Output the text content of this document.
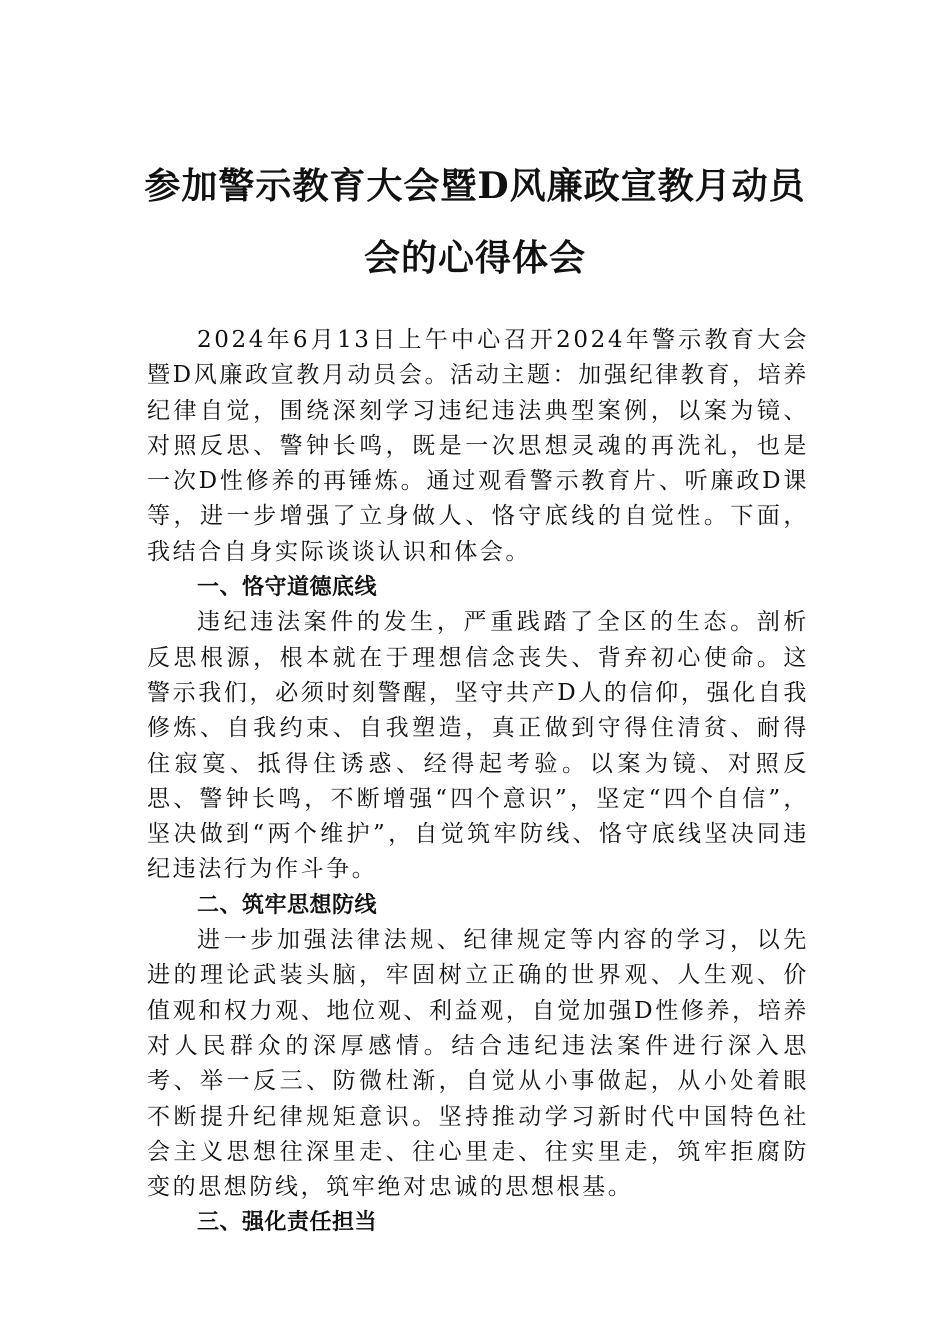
参加警示教育大会暨D风廉政宣教月动员
会的心得体会

2024年6月13日上午中心召开2024年警示教育大会暨D风廉政宣教月动员会。活动主题：加强纪律教育，培养纪律自觉，围绕深刻学习违纪违法典型案例，以案为镜、对照反思、警钟长鸣，既是一次思想灵魂的再洗礼，也是一次D性修养的再锤炼。通过观看警示教育片、听廉政D课等，进一步增强了立身做人、恪守底线的自觉性。下面，我结合自身实际谈谈认识和体会。

一、恪守道德底线

违纪违法案件的发生，严重践踏了全区的生态。剖析反思根源，根本就在于理想信念丧失、背弃初心使命。这警示我们，必须时刻警醒，坚守共产D人的信仰，强化自我修炼、自我约束、自我塑造，真正做到守得住清贫、耐得住寂寞、抵得住诱惑、经得起考验。以案为镜、对照反思、警钟长鸣，不断增强“四个意识”，坚定“四个自信”，坚决做到“两个维护”，自觉筑牢防线、恪守底线坚决同违纪违法行为作斗争。

二、筑牢思想防线

进一步加强法律法规、纪律规定等内容的学习，以先进的理论武装头脑，牢固树立正确的世界观、人生观、价值观和权力观、地位观、利益观，自觉加强D性修养，培养对人民群众的深厚感情。结合违纪违法案件进行深入思考、举一反三、防微杜渐，自觉从小事做起，从小处着眼不断提升纪律规矩意识。坚持推动学习新时代中国特色社会主义思想往深里走、往心里走、往实里走，筑牢拒腐防变的思想防线，筑牢绝对忠诚的思想根基。

三、强化责任担当
